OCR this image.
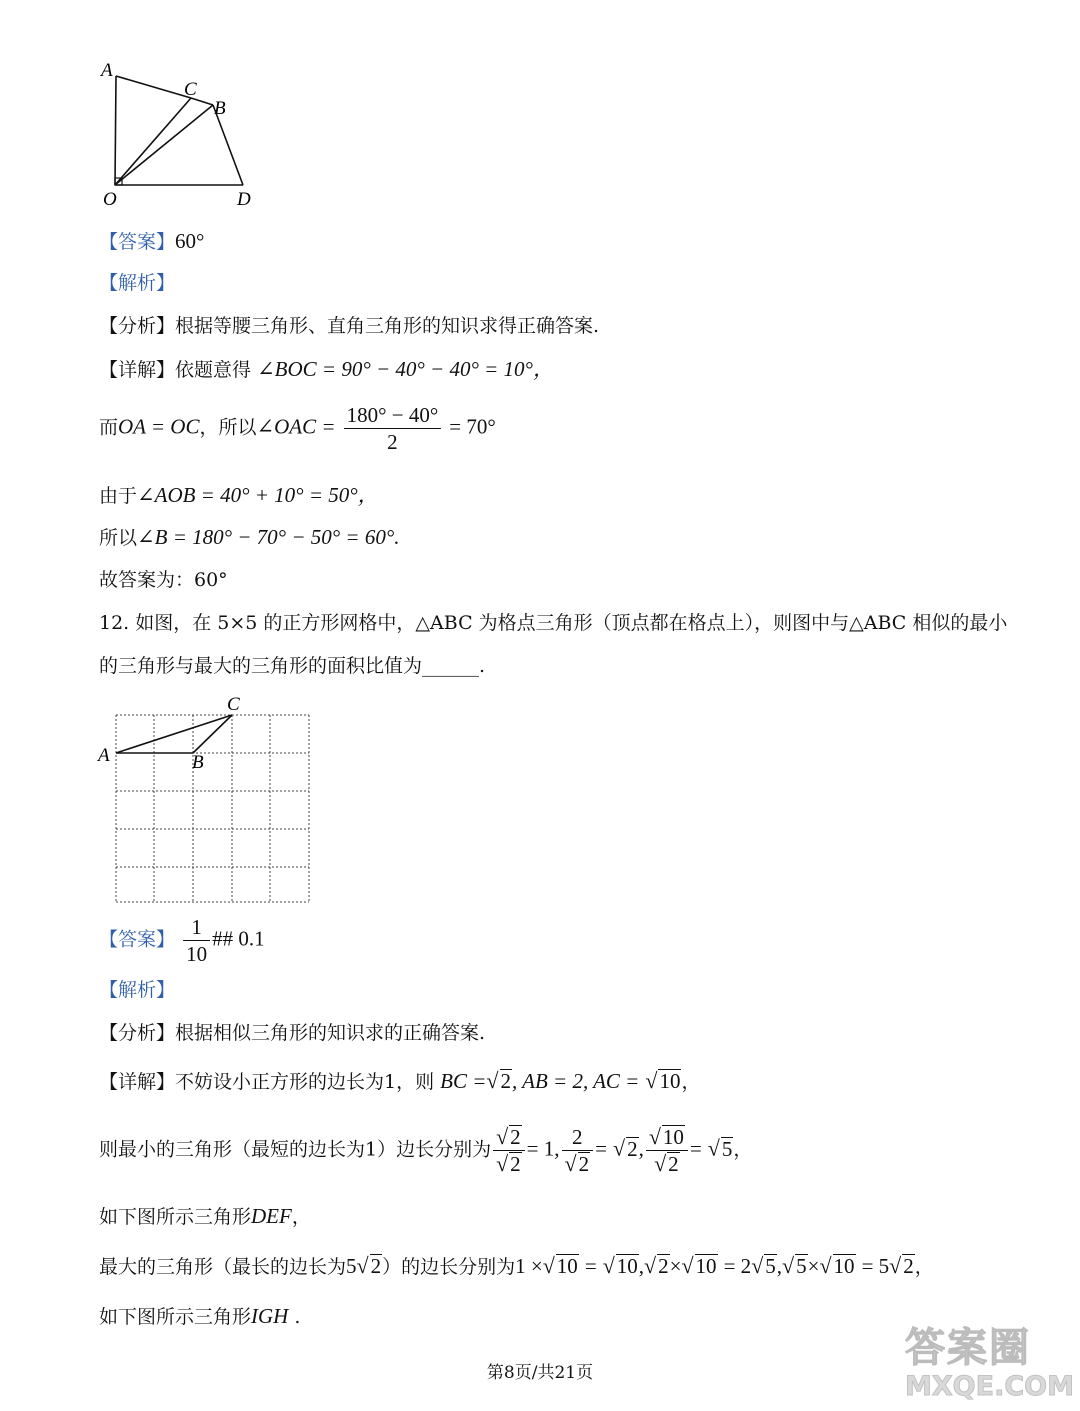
A
C
B
O	D
【答案】60°
【解析】
【分析】根据等腰三角形、直角三角形的知识求得正确答案.
【详解】依题意得 ∠BOC = 90° − 40° − 40° = 10°，
而OA = OC，所以∠OAC = $\frac{180^\circ - 40^\circ}{2} = 70^\circ$
由于∠AOB = 40° + 10° = 50°，
所以∠B = 180° − 70° − 50° = 60°.
故答案为：60°
12. 如图，在 5×5 的正方形网格中，△ABC 为格点三角形（顶点都在格点上），则图中与△ABC 相似的最小
的三角形与最大的三角形的面积比值为______.
C
A	B
【答案】 $\frac{1}{10}$ ## 0.1
【解析】
【分析】根据相似三角形的知识求的正确答案.
【详解】不妨设小正方形的边长为1，则 BC =√2, AB = 2, AC = √10，
则最小的三角形（最短的边长为1）边长分别为 $\frac{√2}{√2} = 1$, $\frac{2}{√2} = √2$, $\frac{√10}{√2} = √5$，
如下图所示三角形DEF，
最大的三角形（最长的边长为5√2）的边长分别为1 ×√10 = √10,√2×√10 = 2√5,√5×√10 = 5√2，
如下图所示三角形IGH .
第8页/共21页
答案圈
MXQE.COM
